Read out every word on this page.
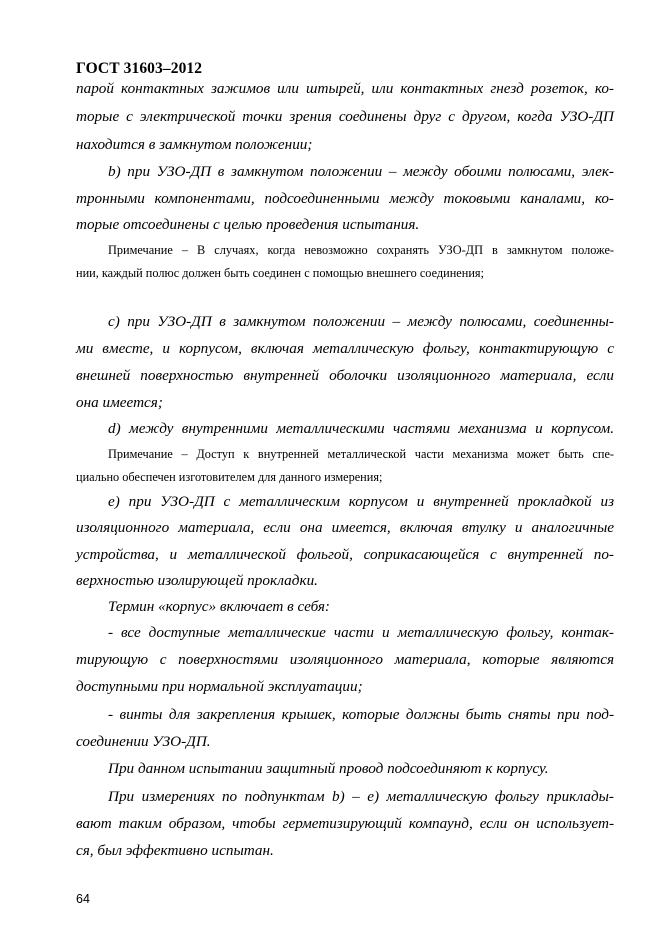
ГОСТ 31603–2012

парой контактных зажимов или штырей, или контактных гнезд розеток, ко-

торые с электрической точки зрения соединены друг с другом, когда УЗО-ДП

находится в замкнутом положении;

b) при УЗО-ДП в замкнутом положении – между обоими полюсами, элек-

тронными компонентами, подсоединенными между токовыми каналами, ко-

торые отсоединены с целью проведения испытания.

Примечание – В случаях, когда невозможно сохранять УЗО-ДП в замкнутом положе-

нии, каждый полюс должен быть соединен с помощью внешнего соединения;

c) при УЗО-ДП в замкнутом положении – между полюсами, соединенны-

ми вместе, и корпусом, включая металлическую фольгу, контактирующую с

внешней поверхностью внутренней оболочки изоляционного материала, если

она имеется;

d) между внутренними металлическими частями механизма и корпусом.

Примечание – Доступ к внутренней металлической части механизма может быть спе-

циально обеспечен изготовителем для данного измерения;

e) при УЗО-ДП с металлическим корпусом и внутренней прокладкой из

изоляционного материала, если она имеется, включая втулку и аналогичные

устройства, и металлической фольгой, соприкасающейся с внутренней по-

верхностью изолирующей прокладки.

Термин «корпус» включает в себя:

- все доступные металлические части и металлическую фольгу, контак-

тирующую с поверхностями изоляционного материала, которые являются

доступными при нормальной эксплуатации;

- винты для закрепления крышек, которые должны быть сняты при под-

соединении УЗО-ДП.

При данном испытании защитный провод подсоединяют к корпусу.

При измерениях по подпунктам b) – e) металлическую фольгу приклады-

вают таким образом, чтобы герметизирующий компаунд, если он использует-

ся, был эффективно испытан.

64
